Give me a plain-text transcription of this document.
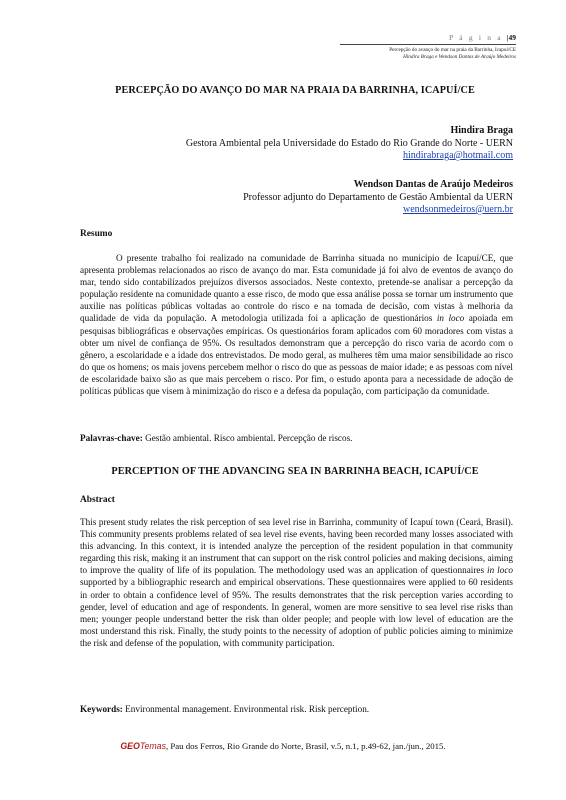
P á g i n a |49
Percepção do avanço do mar na praia da Barrinha, Icapuí/CE
Hindira Braga e Wendson Dantas de Araújo Medeiros
PERCEPÇÃO DO AVANÇO DO MAR NA PRAIA DA BARRINHA, ICAPUÍ/CE
Hindira Braga
Gestora Ambiental pela Universidade do Estado do Rio Grande do Norte - UERN
hindirabraga@hotmail.com
Wendson Dantas de Araújo Medeiros
Professor adjunto do Departamento de Gestão Ambiental da UERN
wendsonmedeiros@uern.br
Resumo
O presente trabalho foi realizado na comunidade de Barrinha situada no município de Icapuí/CE, que apresenta problemas relacionados ao risco de avanço do mar. Esta comunidade já foi alvo de eventos de avanço do mar, tendo sido contabilizados prejuízos diversos associados. Neste contexto, pretende-se analisar a percepção da população residente na comunidade quanto a esse risco, de modo que essa análise possa se tornar um instrumento que auxilie nas políticas públicas voltadas ao controle do risco e na tomada de decisão, com vistas à melhoria da qualidade de vida da população. A metodologia utilizada foi a aplicação de questionários in loco apoiada em pesquisas bibliográficas e observações empíricas. Os questionários foram aplicados com 60 moradores com vistas a obter um nível de confiança de 95%. Os resultados demonstram que a percepção do risco varia de acordo com o gênero, a escolaridade e a idade dos entrevistados. De modo geral, as mulheres têm uma maior sensibilidade ao risco do que os homens; os mais jovens percebem melhor o risco do que as pessoas de maior idade; e as pessoas com nível de escolaridade baixo são as que mais percebem o risco. Por fim, o estudo aponta para a necessidade de adoção de políticas públicas que visem à minimização do risco e a defesa da população, com participação da comunidade.
Palavras-chave: Gestão ambiental. Risco ambiental. Percepção de riscos.
PERCEPTION OF THE ADVANCING SEA IN BARRINHA BEACH, ICAPUÍ/CE
Abstract
This present study relates the risk perception of sea level rise in Barrinha, community of Icapuí town (Ceará, Brasil). This community presents problems related of sea level rise events, having been recorded many losses associated with this advancing. In this context, it is intended analyze the perception of the resident population in that community regarding this risk, making it an instrument that can support on the risk control policies and making decisions, aiming to improve the quality of life of its population. The methodology used was an application of questionnaires in loco supported by a bibliographic research and empirical observations. These questionnaires were applied to 60 residents in order to obtain a confidence level of 95%. The results demonstrates that the risk perception varies according to gender, level of education and age of respondents. In general, women are more sensitive to sea level rise risks than men; younger people understand better the risk than older people; and people with low level of education are the most understand this risk. Finally, the study points to the necessity of adoption of public policies aiming to minimize the risk and defense of the population, with community participation.
Keywords: Environmental management. Environmental risk. Risk perception.
GEOTemas, Pau dos Ferros, Rio Grande do Norte, Brasil, v.5, n.1, p.49-62, jan./jun., 2015.
